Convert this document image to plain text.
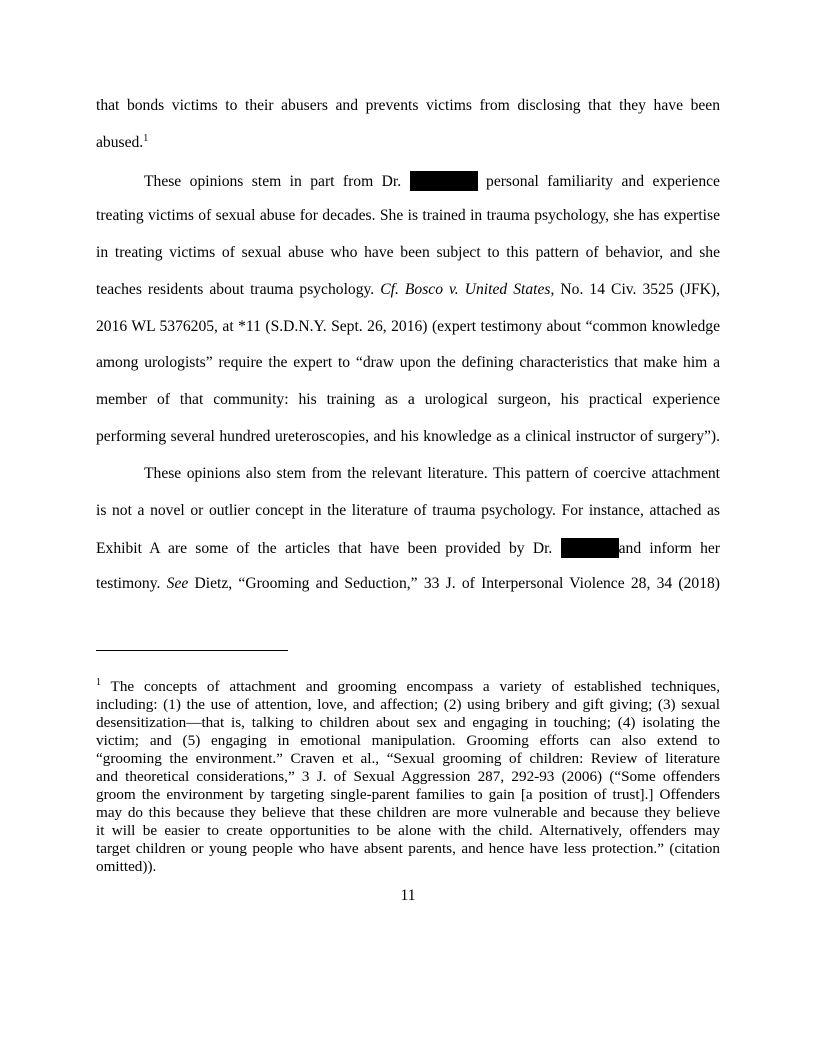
that bonds victims to their abusers and prevents victims from disclosing that they have been
abused.$^1$
These opinions stem in part from Dr.	personal familiarity and experience
treating victims of sexual abuse for decades. She is trained in trauma psychology, she has expertise
in treating victims of sexual abuse who have been subject to this pattern of behavior, and she
teaches residents about trauma psychology. Cf. Bosco v. United States, No. 14 Civ. 3525 (JFK),
2016 WL 5376205, at *11 (S.D.N.Y. Sept. 26, 2016) (expert testimony about “common knowledge
among urologists” require the expert to “draw upon the defining characteristics that make him a
member of that community: his training as a urological surgeon, his practical experience
performing several hundred ureteroscopies, and his knowledge as a clinical instructor of surgery”).
These opinions also stem from the relevant literature. This pattern of coercive attachment
is not a novel or outlier concept in the literature of trauma psychology. For instance, attached as
Exhibit A are some of the articles that have been provided by Dr.	and inform her
testimony. See Dietz, “Grooming and Seduction,” 33 J. of Interpersonal Violence 28, 34 (2018)
$^1$ The concepts of attachment and grooming encompass a variety of established techniques,
including: (1) the use of attention, love, and affection; (2) using bribery and gift giving; (3) sexual
desensitization—that is, talking to children about sex and engaging in touching; (4) isolating the
victim; and (5) engaging in emotional manipulation. Grooming efforts can also extend to
“grooming the environment.” Craven et al., “Sexual grooming of children: Review of literature
and theoretical considerations,” 3 J. of Sexual Aggression 287, 292-93 (2006) (“Some offenders
groom the environment by targeting single-parent families to gain [a position of trust].] Offenders
may do this because they believe that these children are more vulnerable and because they believe
it will be easier to create opportunities to be alone with the child. Alternatively, offenders may
target children or young people who have absent parents, and hence have less protection.” (citation
omitted)).
11
